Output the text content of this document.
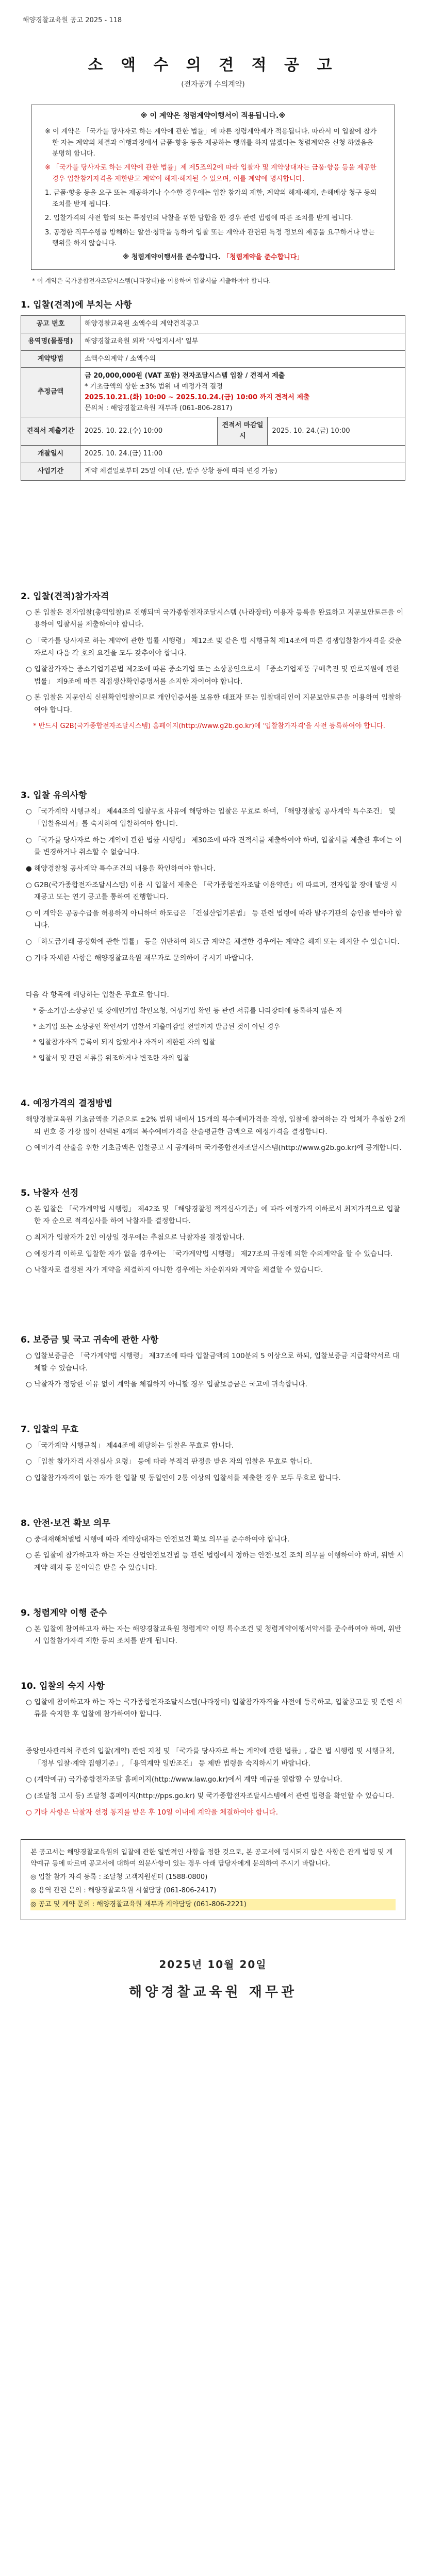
해양경찰교육원 공고 2025 - 118
소 액 수 의 견 적 공 고
(전자공개 수의계약)
※ 이 계약은 청렴계약이행서이 적용됩니다.※

※ 이 계약은 「국가를 당사자로 하는 계약에 관한 법률」에 따른 청렴계약제가 적용됩니다. 따라서 이 입찰에 참가한 자는 계약의 체결과 이행과정에서 금품·향응 등을 제공하는 행위를 하지 않겠다는 청렴계약을 신청 하였음을 분명히 합니다.

※ 「국가를 당사자로 하는 계약에 관한 법률」제 제5조의2에 따라 입찰자 및 계약상대자는 금품·향응 등을 제공한 경우 입찰참가자격을 제한받고 계약이 해제·해지될 수 있으며, 이를 계약에 명시합니다.

1. 금품·향응 등을 요구 또는 제공하거나 수수한 경우에는 입찰 참가의 제한, 계약의 해제·해지, 손해배상 청구 등의 조치를 받게 됩니다.

2. 입찰가격의 사전 합의 또는 특정인의 낙찰을 위한 담합을 한 경우 관련 법령에 따른 조치를 받게 됩니다.

3. 공정한 직무수행을 방해하는 알선·청탁을 통하여 입찰 또는 계약과 관련된 특정 정보의 제공을 요구하거나 받는 행위를 하지 않습니다.

※ 청렴계약이행서를 준수합니다. 「청렴계약을 준수합니다」
* 이 계약은 국가종합전자조달시스템(나라장터)을 이용하여 입찰서를 제출하여야 합니다.
1. 입찰(견적)에 부치는 사항
공고 번호	해양경찰교육원 소액수의 계약견적공고		
용역명(물품명)	해양경찰교육원 외곽 '사업지시서' 일부		
계약방법	소액수의계약 / 소액수의		
추정금액	금 20,000,000원 (VAT 포함) 전자조달시스템 입찰 / 견적서 제출
* 기초금액의 상한 ±3% 범위 내 예정가격 결정
2025.10.21.(화) 10:00 ~ 2025.10.24.(금) 10:00 까지 견적서 제출
문의처 : 해양경찰교육원 재무과 (061-806-2817)		

견적서 제출기간	2025. 10. 22.(수) 10:00	견적서 마감일시	2025. 10. 24.(금) 10:00
개찰일시	2025. 10. 24.(금) 11:00		
사업기간	계약 체결일로부터 25일 이내 (단, 발주 상황 등에 따라 변경 가능)		
2. 입찰(견적)참가자격

○ 본 입찰은 전자입찰(총액입찰)로 진행되며 국가종합전자조달시스템 (나라장터) 이용자 등록을 완료하고 지문보안토큰을 이용하여 입찰서를 제출하여야 합니다.

○ 「국가를 당사자로 하는 계약에 관한 법률 시행령」 제12조 및 같은 법 시행규칙 제14조에 따른 경쟁입찰참가자격을 갖춘 자로서 다음 각 호의 요건을 모두 갖추어야 합니다.

○ 입찰참가자는 중소기업기본법 제2조에 따른 중소기업 또는 소상공인으로서 「중소기업제품 구매촉진 및 판로지원에 관한 법률」 제9조에 따른 직접생산확인증명서를 소지한 자이어야 합니다.

○ 본 입찰은 지문인식 신원확인입찰이므로 개인인증서를 보유한 대표자 또는 입찰대리인이 지문보안토큰을 이용하여 입찰하여야 합니다.

* 반드시 G2B(국가종합전자조달시스템) 홈페이지(http://www.g2b.go.kr)에 '입찰참가자격'을 사전 등록하여야 합니다.

3. 입찰 유의사항

○ 「국가계약 시행규칙」 제44조의 입찰무효 사유에 해당하는 입찰은 무효로 하며, 「해양경찰청 공사계약 특수조건」 및 「입찰유의서」를 숙지하여 입찰하여야 합니다.

○ 「국가를 당사자로 하는 계약에 관한 법률 시행령」 제30조에 따라 견적서를 제출하여야 하며, 입찰서를 제출한 후에는 이를 변경하거나 취소할 수 없습니다.

● 해양경찰청 공사계약 특수조건의 내용을 확인하여야 합니다.

○ G2B(국가종합전자조달시스템) 이용 시 입찰서 제출은 「국가종합전자조달 이용약관」에 따르며, 전자입찰 장애 발생 시 재공고 또는 연기 공고를 통하여 진행합니다.

○ 이 계약은 공동수급을 허용하지 아니하며 하도급은 「건설산업기본법」 등 관련 법령에 따라 발주기관의 승인을 받아야 합니다.

○ 「하도급거래 공정화에 관한 법률」 등을 위반하여 하도급 계약을 체결한 경우에는 계약을 해제 또는 해지할 수 있습니다.

○ 기타 자세한 사항은 해양경찰교육원 재무과로 문의하여 주시기 바랍니다.

다음 각 항목에 해당하는 입찰은 무효로 합니다.

* 중·소기업·소상공인 및 장애인기업 확인요청, 여성기업 확인 등 관련 서류를 나라장터에 등록하지 않은 자

* 소기업 또는 소상공인 확인서가 입찰서 제출마감일 전일까지 발급된 것이 아닌 경우

* 입찰참가자격 등록이 되지 않았거나 자격이 제한된 자의 입찰

* 입찰서 및 관련 서류를 위조하거나 변조한 자의 입찰

4. 예정가격의 결정방법

해양경찰교육원 기초금액을 기준으로 ±2% 범위 내에서 15개의 복수예비가격을 작성, 입찰에 참여하는 각 업체가 추첨한 2개의 번호 중 가장 많이 선택된 4개의 복수예비가격을 산술평균한 금액으로 예정가격을 결정합니다.

○ 예비가격 산출을 위한 기초금액은 입찰공고 시 공개하며 국가종합전자조달시스템(http://www.g2b.go.kr)에 공개합니다.

5. 낙찰자 선정

○ 본 입찰은 「국가계약법 시행령」 제42조 및 「해양경찰청 적격심사기준」에 따라 예정가격 이하로서 최저가격으로 입찰한 자 순으로 적격심사를 하여 낙찰자를 결정합니다.

○ 최저가 입찰자가 2인 이상일 경우에는 추첨으로 낙찰자를 결정합니다.

○ 예정가격 이하로 입찰한 자가 없을 경우에는 「국가계약법 시행령」 제27조의 규정에 의한 수의계약을 할 수 있습니다.

○ 낙찰자로 결정된 자가 계약을 체결하지 아니한 경우에는 차순위자와 계약을 체결할 수 있습니다.

6. 보증금 및 국고 귀속에 관한 사항

○ 입찰보증금은 「국가계약법 시행령」 제37조에 따라 입찰금액의 100분의 5 이상으로 하되, 입찰보증금 지급확약서로 대체할 수 있습니다.

○ 낙찰자가 정당한 이유 없이 계약을 체결하지 아니할 경우 입찰보증금은 국고에 귀속합니다.

7. 입찰의 무효

○ 「국가계약 시행규칙」 제44조에 해당하는 입찰은 무효로 합니다.

○ 「입찰 참가자격 사전심사 요령」 등에 따라 부적격 판정을 받은 자의 입찰은 무효로 합니다.

○ 입찰참가자격이 없는 자가 한 입찰 및 동일인이 2통 이상의 입찰서를 제출한 경우 모두 무효로 합니다.

8. 안전·보건 확보 의무

○ 중대재해처벌법 시행에 따라 계약상대자는 안전보건 확보 의무를 준수하여야 합니다.

○ 본 입찰에 참가하고자 하는 자는 산업안전보건법 등 관련 법령에서 정하는 안전·보건 조치 의무를 이행하여야 하며, 위반 시 계약 해지 등 불이익을 받을 수 있습니다.

9. 청렴계약 이행 준수

○ 본 입찰에 참여하고자 하는 자는 해양경찰교육원 청렴계약 이행 특수조건 및 청렴계약이행서약서를 준수하여야 하며, 위반 시 입찰참가자격 제한 등의 조치를 받게 됩니다.

10. 입찰의 숙지 사항

○ 입찰에 참여하고자 하는 자는 국가종합전자조달시스템(나라장터) 입찰참가자격을 사전에 등록하고, 입찰공고문 및 관련 서류를 숙지한 후 입찰에 참가하여야 합니다.

중앙인사관리처 주관의 입찰(계약) 관련 지침 및 「국가를 당사자로 하는 계약에 관한 법률」, 같은 법 시행령 및 시행규칙, 「정부 입찰·계약 집행기준」, 「용역계약 일반조건」 등 제반 법령을 숙지하시기 바랍니다.

○ (계약예규) 국가종합전자조달 홈페이지(http://www.law.go.kr)에서 계약 예규를 열람할 수 있습니다.

○ (조달청 고시 등) 조달청 홈페이지(http://pps.go.kr) 및 국가종합전자조달시스템에서 관련 법령을 확인할 수 있습니다.

○ 기타 사항은 낙찰자 선정 통지를 받은 후 10일 이내에 계약을 체결하여야 합니다.

본 공고서는 해양경찰교육원의 입찰에 관한 일반적인 사항을 정한 것으로, 본 공고서에 명시되지 않은 사항은 관계 법령 및 계약예규 등에 따르며 공고서에 대하여 의문사항이 있는 경우 아래 담당자에게 문의하여 주시기 바랍니다.

◎ 입찰 참가 자격 등록 : 조달청 고객지원센터 (1588-0800)

◎ 용역 관련 문의 : 해양경찰교육원 시설담당 (061-806-2417)

◎ 공고 및 계약 문의 : 해양경찰교육원 재무과 계약담당 (061-806-2221)

2025년 10월 20일
해양경찰교육원 재무관
